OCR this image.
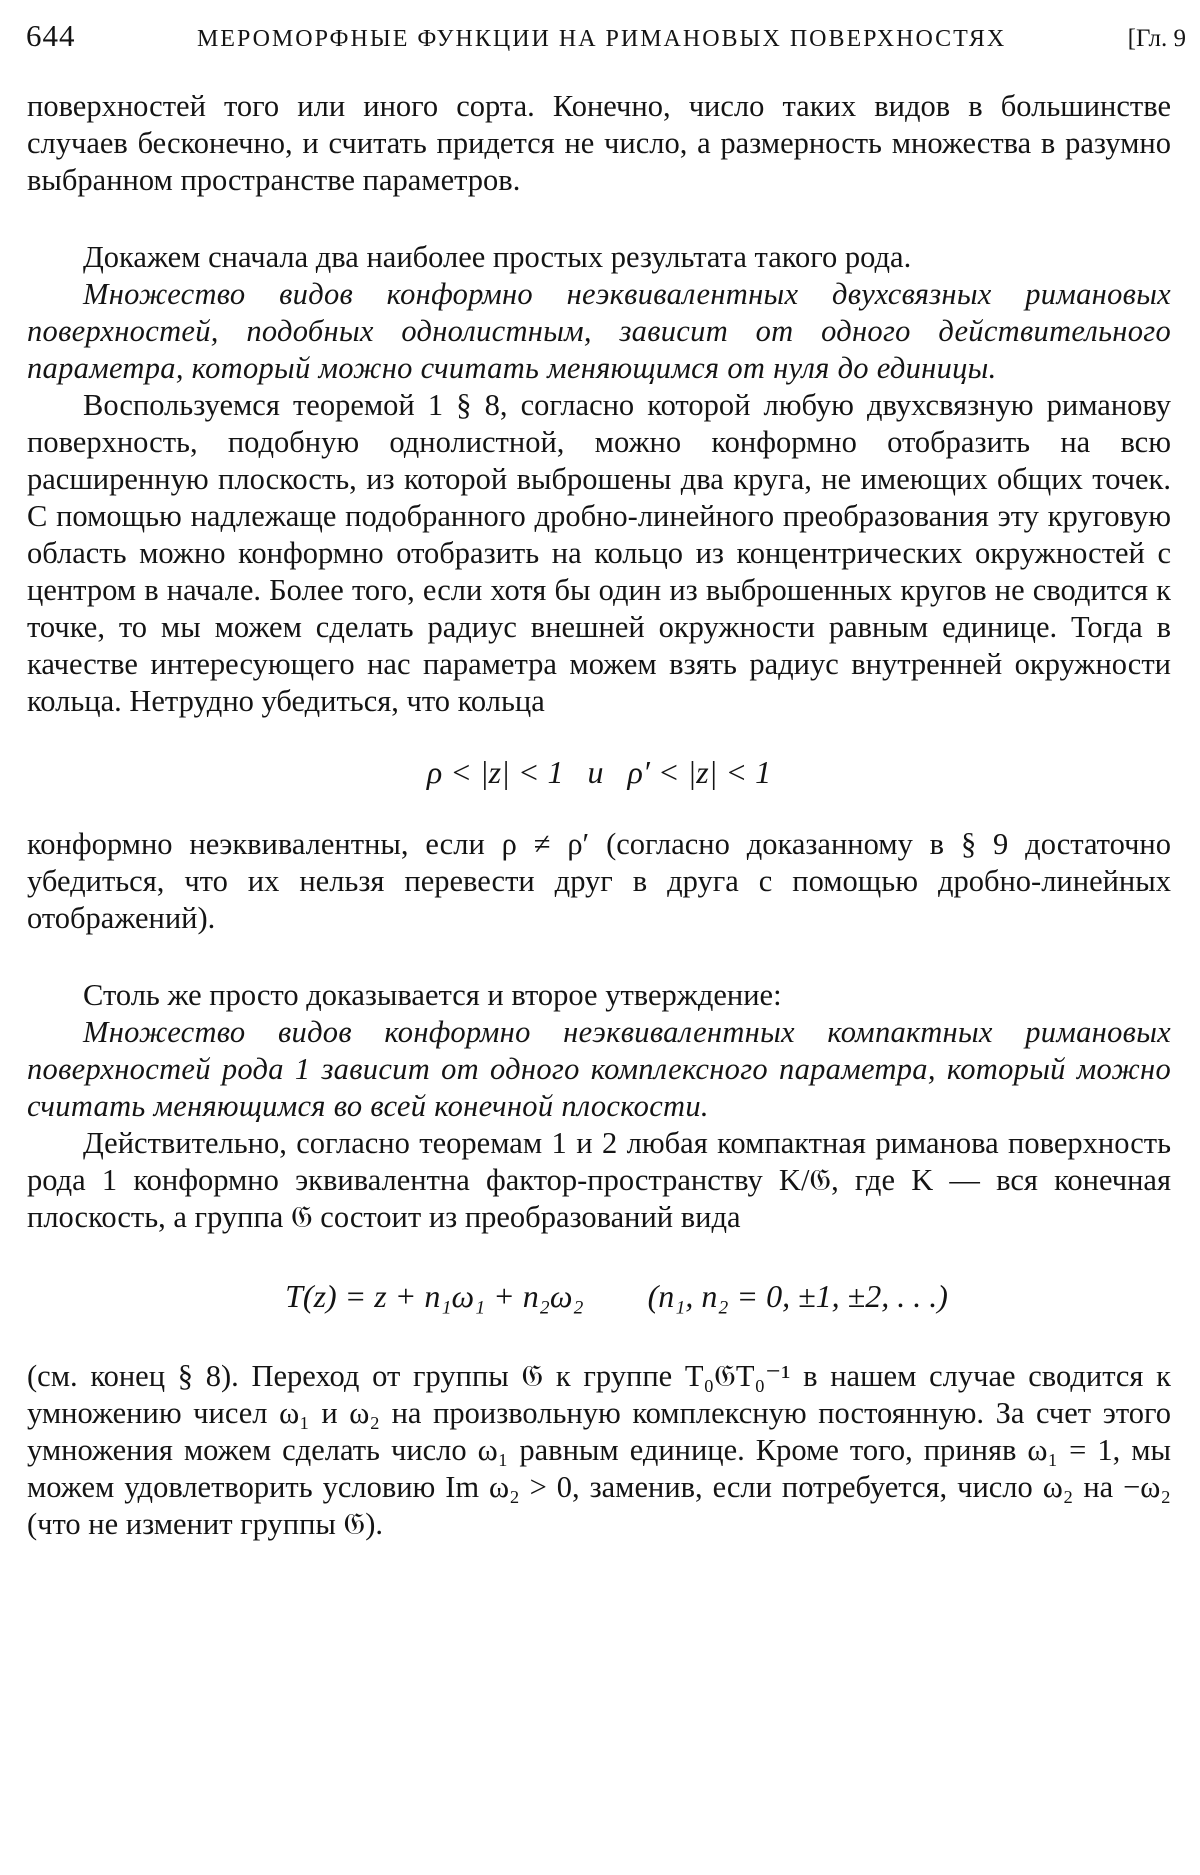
644	МЕРОМОРФНЫЕ ФУНКЦИИ НА РИМАНОВЫХ ПОВЕРХНОСТЯХ	[Гл. 9

поверхностей того или иного сорта. Конечно, число таких видов в большинстве случаев бесконечно, и считать придется не число, а размерность множества в разумно выбранном пространстве параметров.

Докажем сначала два наиболее простых результата такого рода.

Множество видов конформно неэквивалентных двухсвязных римановых поверхностей, подобных однолистным, зависит от одного действительного параметра, который можно считать меняющимся от нуля до единицы.

Воспользуемся теоремой 1 § 8, согласно которой любую двухсвязную риманову поверхность, подобную однолистной, можно конформно отобразить на всю расширенную плоскость, из которой выброшены два круга, не имеющих общих точек. С помощью надлежаще подобранного дробно-линейного преобразования эту круговую область можно конформно отобразить на кольцо из концентрических окружностей с центром в начале. Более того, если хотя бы один из выброшенных кругов не сводится к точке, то мы можем сделать радиус внешней окружности равным единице. Тогда в качестве интересующего нас параметра можем взять радиус внутренней окружности кольца. Нетрудно убедиться, что кольца

ρ < |z| < 1   и   ρ′ < |z| < 1

конформно неэквивалентны, если ρ ≠ ρ′ (согласно доказанному в § 9 достаточно убедиться, что их нельзя перевести друг в друга с помощью дробно-линейных отображений).

Столь же просто доказывается и второе утверждение:

Множество видов конформно неэквивалентных компактных римановых поверхностей рода 1 зависит от одного комплексного параметра, который можно считать меняющимся во всей конечной плоскости.

Действительно, согласно теоремам 1 и 2 любая компактная риманова поверхность рода 1 конформно эквивалентна фактор-пространству K/𝔊, где K — вся конечная плоскость, а группа 𝔊 состоит из преобразований вида

T(z) = z + n₁ω₁ + n₂ω₂        (n₁, n₂ = 0, ±1, ±2, . . .)

(см. конец § 8). Переход от группы 𝔊 к группе T₀𝔊T₀⁻¹ в нашем случае сводится к умножению чисел ω₁ и ω₂ на произвольную комплексную постоянную. За счет этого умножения можем сделать число ω₁ равным единице. Кроме того, приняв ω₁ = 1, мы можем удовлетворить условию Im ω₂ > 0, заменив, если потребуется, число ω₂ на −ω₂ (что не изменит группы 𝔊).
